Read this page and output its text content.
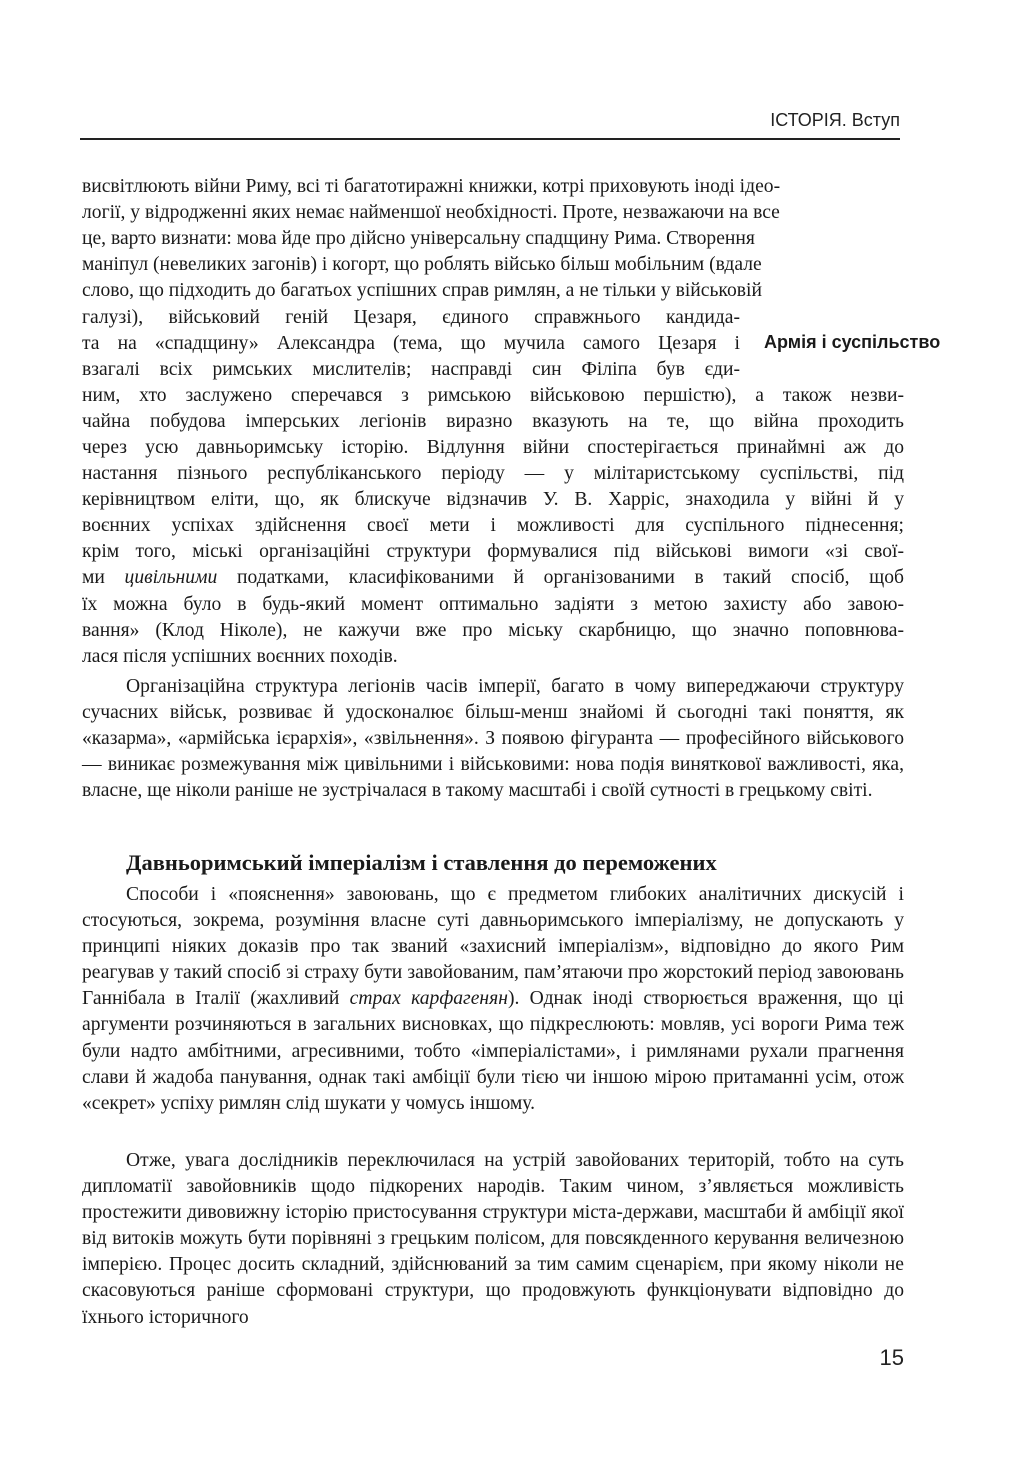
ІСТОРІЯ. Вступ
висвітлюють війни Риму, всі ті багатотиражні книжки, котрі приховують іноді ідео-
логії, у відродженні яких немає найменшої необхідності. Проте, незважаючи на все
це, варто визнати: мова йде про дійсно універсальну спадщину Рима. Створення
маніпул (невеликих загонів) і когорт, що роблять військо більш мобільним (вдале
слово, що підходить до багатьох успішних справ римлян, а не тільки у військовій
галузі), військовий геній Цезаря, єдиного справжнього кандида-
та на «спадщину» Александра (тема, що мучила самого Цезаря і
взагалі всіх римських мислителів; насправді син Філіпа був єди-
ним, хто заслужено сперечався з римською військовою першістю), а також незви-
Армія і суспільство
чайна побудова імперських легіонів виразно вказують на те, що війна проходить
через усю давньоримську історію. Відлуння війни спостерігається принаймні аж до
настання пізнього республіканського періоду — у мілітаристському суспільстві, під
керівництвом еліти, що, як блискуче відзначив У. В. Харріс, знаходила у війні й у
воєнних успіхах здійснення своєї мети і можливості для суспільного піднесення;
крім того, міські організаційні структури формувалися під військові вимоги «зі свої-
ми цивільними податками, класифікованими й організованими в такий спосіб, щоб
їх можна було в будь-який момент оптимально задіяти з метою захисту або завою-
вання» (Клод Ніколе), не кажучи вже про міську скарбницю, що значно поповнюва-
лася після успішних воєнних походів.

Організаційна структура легіонів часів імперії, багато в чому випереджаючи структуру сучасних військ, розвиває й удосконалює більш-менш знайомі й сьогодні такі поняття, як «казарма», «армійська ієрархія», «звільнення». З появою фігуранта — професійного військового — виникає розмежування між цивільними і військовими: нова подія виняткової важливості, яка, власне, ще ніколи раніше не зустрічалася в такому масштабі і своїй сутності в грецькому світі.

Давньоримський імперіалізм і ставлення до переможених

Способи і «пояснення» завоювань, що є предметом глибоких аналітичних дискусій і стосуються, зокрема, розуміння власне суті давньоримського імперіалізму, не допускають у принципі ніяких доказів про так званий «захисний імперіалізм», відповідно до якого Рим реагував у такий спосіб зі страху бути завойованим, пам’ятаючи про жорстокий період завоювань Ганнібала в Італії (жахливий страх карфагенян). Однак іноді створюється враження, що ці аргументи розчиняються в загальних висновках, що підкреслюють: мовляв, усі вороги Рима теж були надто амбітними, агресивними, тобто «імперіалістами», і римлянами рухали прагнення слави й жадоба панування, однак такі амбіції були тією чи іншою мірою притаманні усім, отож «секрет» успіху римлян слід шукати у чомусь іншому.

Отже, увага дослідників переключилася на устрій завойованих територій, тобто на суть дипломатії завойовників щодо підкорених народів. Таким чином, з’являється можливість простежити дивовижну історію пристосування структури міста-держави, масштаби й амбіції якої від витоків можуть бути порівняні з грецьким полісом, для повсякденного керування величезною імперією. Процес досить складний, здійснюваний за тим самим сценарієм, при якому ніколи не скасовуються раніше сформовані структури, що продовжують функціонувати відповідно до їхнього історичного

15
